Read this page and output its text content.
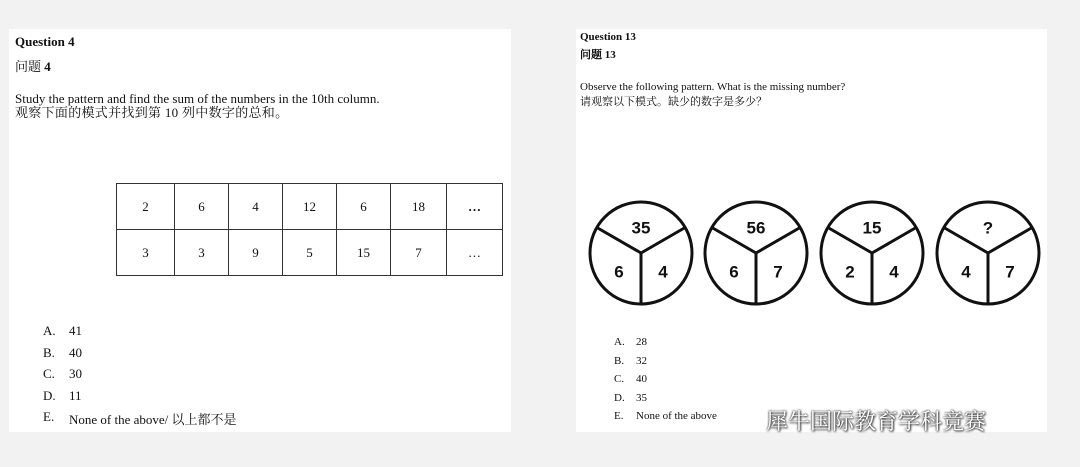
Question 4
问题 4
Study the pattern and find the sum of the numbers in the 10th column.
观察下面的模式并找到第 10 列中数字的总和。
2	6	4	12	6	18	…
3	3	9	5	15	7	…
A. 41
B. 40
C. 30
D. 11
E. None of the above/ 以上都不是
Question 13
问题 13
Observe the following pattern. What is the missing number?
请观察以下模式。缺少的数字是多少？
35
6 4
56
6 7
15
2 4
?
4 7
A. 28
B. 32
C. 40
D. 35
E. None of the above 犀牛国际教育学科竞赛
